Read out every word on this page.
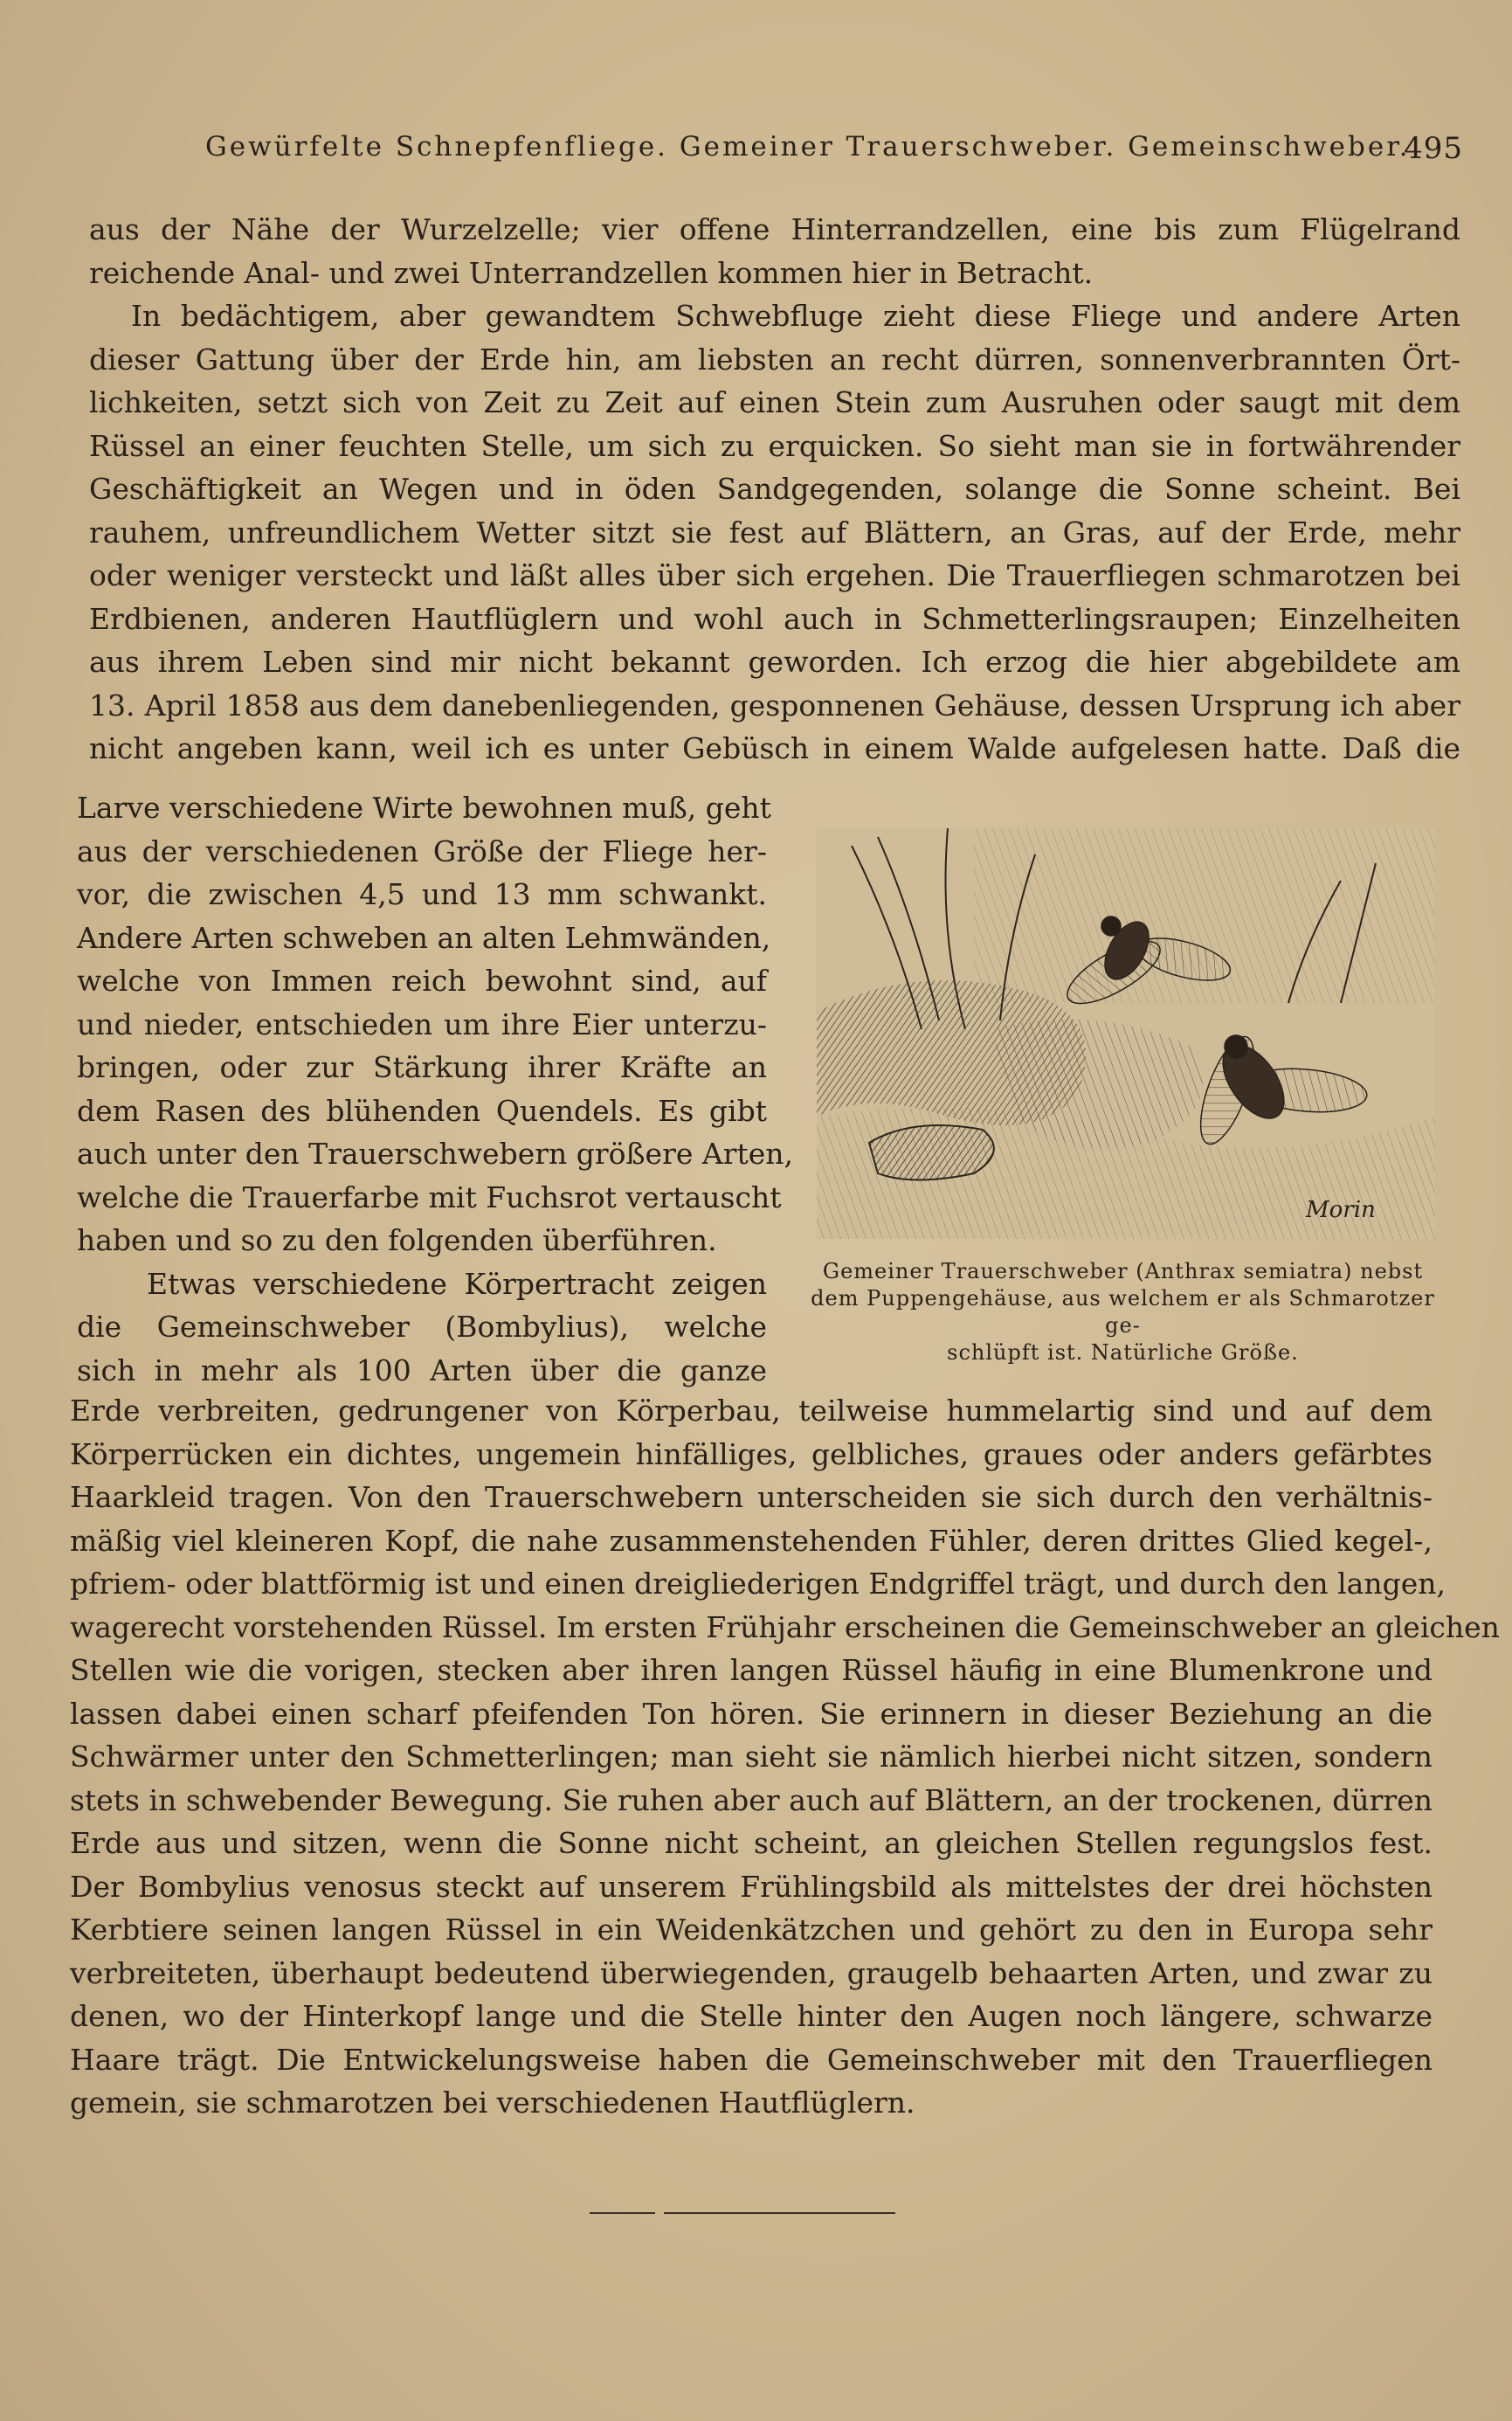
Gewürfelte Schnepfenfliege. Gemeiner Trauerschweber. Gemeinschweber.
495
aus der Nähe der Wurzelzelle; vier offene Hinterrandzellen, eine bis zum Flügelrand
reichende Anal- und zwei Unterrandzellen kommen hier in Betracht.
In bedächtigem, aber gewandtem Schwebfluge zieht diese Fliege und andere Arten
dieser Gattung über der Erde hin, am liebsten an recht dürren, sonnenverbrannten Ört-
lichkeiten, setzt sich von Zeit zu Zeit auf einen Stein zum Ausruhen oder saugt mit dem
Rüssel an einer feuchten Stelle, um sich zu erquicken. So sieht man sie in fortwährender
Geschäftigkeit an Wegen und in öden Sandgegenden, solange die Sonne scheint. Bei
rauhem, unfreundlichem Wetter sitzt sie fest auf Blättern, an Gras, auf der Erde, mehr
oder weniger versteckt und läßt alles über sich ergehen. Die Trauerfliegen schmarotzen bei
Erdbienen, anderen Hautflüglern und wohl auch in Schmetterlingsraupen; Einzelheiten
aus ihrem Leben sind mir nicht bekannt geworden. Ich erzog die hier abgebildete am
13. April 1858 aus dem danebenliegenden, gesponnenen Gehäuse, dessen Ursprung ich aber
nicht angeben kann, weil ich es unter Gebüsch in einem Walde aufgelesen hatte. Daß die
Larve verschiedene Wirte bewohnen muß, geht
aus der verschiedenen Größe der Fliege her-
vor, die zwischen 4,5 und 13 mm schwankt.
Andere Arten schweben an alten Lehmwänden,
welche von Immen reich bewohnt sind, auf
und nieder, entschieden um ihre Eier unterzu-
bringen, oder zur Stärkung ihrer Kräfte an
dem Rasen des blühenden Quendels. Es gibt
auch unter den Trauerschwebern größere Arten,
welche die Trauerfarbe mit Fuchsrot vertauscht
haben und so zu den folgenden überführen.
Etwas verschiedene Körpertracht zeigen
die Gemeinschweber (Bombylius), welche
sich in mehr als 100 Arten über die ganze
Morin
Gemeiner Trauerschweber (Anthrax semiatra) nebst
dem Puppengehäuse, aus welchem er als Schmarotzer ge-
schlüpft ist. Natürliche Größe.
Erde verbreiten, gedrungener von Körperbau, teilweise hummelartig sind und auf dem
Körperrücken ein dichtes, ungemein hinfälliges, gelbliches, graues oder anders gefärbtes
Haarkleid tragen. Von den Trauerschwebern unterscheiden sie sich durch den verhältnis-
mäßig viel kleineren Kopf, die nahe zusammenstehenden Fühler, deren drittes Glied kegel-,
pfriem- oder blattförmig ist und einen dreigliederigen Endgriffel trägt, und durch den langen,
wagerecht vorstehenden Rüssel. Im ersten Frühjahr erscheinen die Gemeinschweber an gleichen
Stellen wie die vorigen, stecken aber ihren langen Rüssel häufig in eine Blumenkrone und
lassen dabei einen scharf pfeifenden Ton hören. Sie erinnern in dieser Beziehung an die
Schwärmer unter den Schmetterlingen; man sieht sie nämlich hierbei nicht sitzen, sondern
stets in schwebender Bewegung. Sie ruhen aber auch auf Blättern, an der trockenen, dürren
Erde aus und sitzen, wenn die Sonne nicht scheint, an gleichen Stellen regungslos fest.
Der Bombylius venosus steckt auf unserem Frühlingsbild als mittelstes der drei höchsten
Kerbtiere seinen langen Rüssel in ein Weidenkätzchen und gehört zu den in Europa sehr
verbreiteten, überhaupt bedeutend überwiegenden, graugelb behaarten Arten, und zwar zu
denen, wo der Hinterkopf lange und die Stelle hinter den Augen noch längere, schwarze
Haare trägt. Die Entwickelungsweise haben die Gemeinschweber mit den Trauerfliegen
gemein, sie schmarotzen bei verschiedenen Hautflüglern.
